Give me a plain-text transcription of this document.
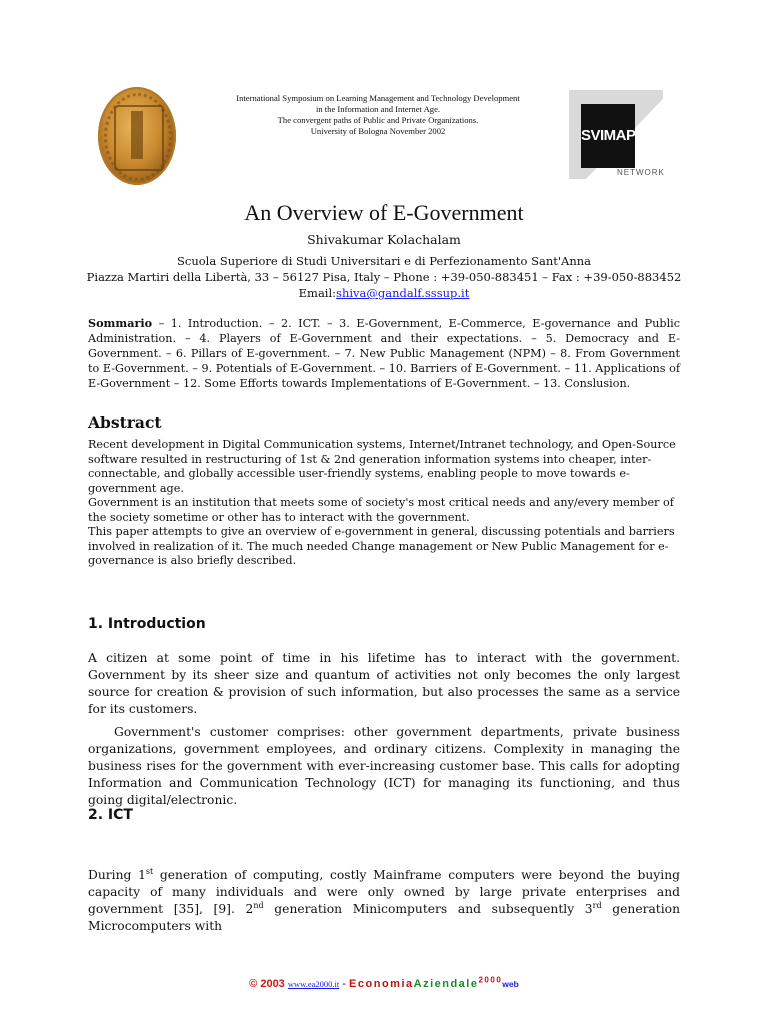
International Symposium on Learning Management and Technology Development
in the Information and Internet Age.
The convergent paths of Public and Private Organizations.
University of Bologna November 2002	SVIMAP
NETWORK
An Overview of E-Government
Shivakumar Kolachalam
Scuola Superiore di Studi Universitari e di Perfezionamento Sant'Anna
Piazza Martiri della Libertà, 33 – 56127 Pisa, Italy – Phone : +39-050-883451 – Fax : +39-050-883452
Email:shiva@gandalf.sssup.it
Sommario – 1. Introduction. – 2. ICT. – 3. E-Government, E-Commerce, E-governance and Public Administration. – 4. Players of E-Government and their expectations. – 5. Democracy and E-Government. – 6. Pillars of E-government. – 7. New Public Management (NPM) – 8. From Government to E-Government. – 9. Potentials of E-Government. – 10. Barriers of E-Government. – 11. Applications of E-Government – 12. Some Efforts towards Implementations of E-Government. – 13. Conslusion.
Abstract

Recent development in Digital Communication systems, Internet/Intranet technology, and Open-Source software resulted in restructuring of 1st & 2nd generation information systems into cheaper, inter-connectable, and globally accessible user-friendly systems, enabling people to move towards e-government age.

Government is an institution that meets some of society's most critical needs and any/every member of the society sometime or other has to interact with the government.

This paper attempts to give an overview of e-government in general, discussing potentials and barriers involved in realization of it. The much needed Change management or New Public Management for e-governance is also briefly described.

1. Introduction

A citizen at some point of time in his lifetime has to interact with the government. Government by its sheer size and quantum of activities not only becomes the only largest source for creation & provision of such information, but also processes the same as a service for its customers.

Government's customer comprises: other government departments, private business organizations, government employees, and ordinary citizens. Complexity in managing the business rises for the government with ever-increasing customer base. This calls for adopting Information and Communication Technology (ICT) for managing its functioning, and thus going digital/electronic.

2. ICT

During 1st generation of computing, costly Mainframe computers were beyond the buying capacity of many individuals and were only owned by large private enterprises and government [35], [9]. 2nd generation Minicomputers and subsequently 3rd generation Microcomputers with

© 2003 www.ea2000.it - EconomiaAziendale$^{2000}$web
